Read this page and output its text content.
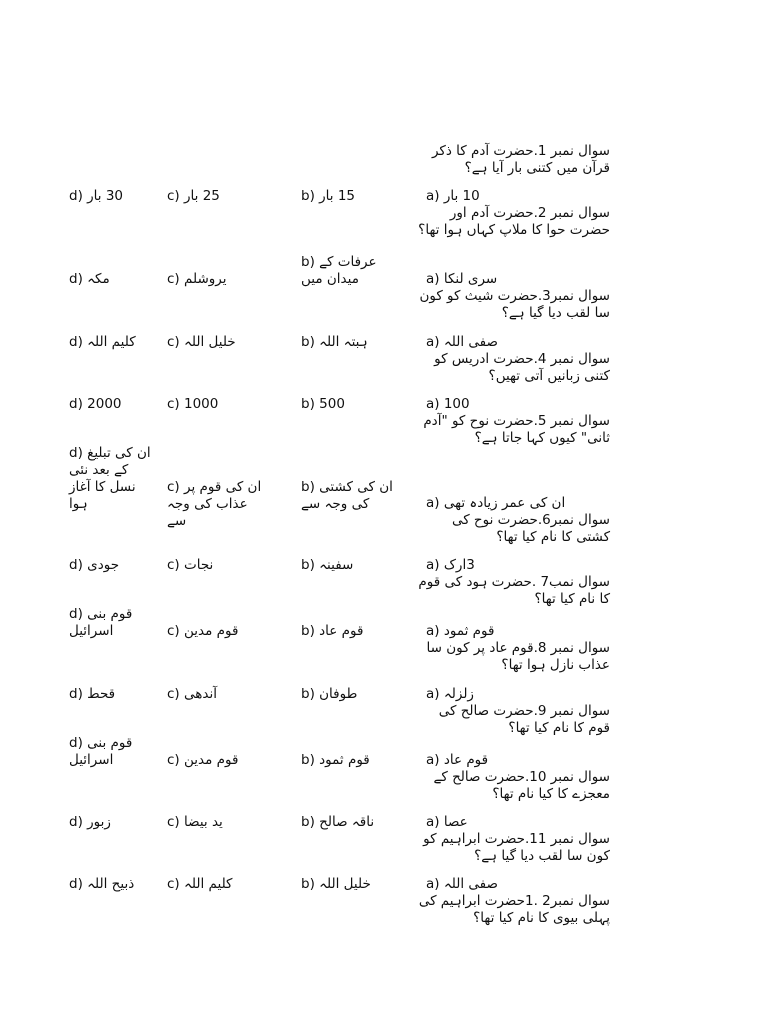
سوال نمبر 1.حضرت آدم کا ذکر قرآن میں کتنی بار آیا ہے؟
a) 10 بار
b) 15 بار
c) 25 بار
d) 30 بار
سوال نمبر 2.حضرت آدم اور حضرت حوا کا ملاپ کہاں ہوا تھا؟
a) سری لنکا
b) عرفات کے میدان میں
c) یروشلم
d) مکہ
سوال نمبر3.حضرت شیث کو کون سا لقب دیا گیا ہے؟
a) صفی اللہ
b) ہبتہ اللہ
c) خلیل اللہ
d) کلیم اللہ
سوال نمبر 4.حضرت ادریس کو کتنی زبانیں آتی تھیں؟
a) 100
b) 500
c) 1000
d) 2000
سوال نمبر 5.حضرت نوح کو "آدم ثانی" کیوں کہا جاتا ہے؟
a) ان کی عمر زیادہ تھی
b) ان کی کشتی کی وجہ سے
c) ان کی قوم پر عذاب کی وجہ سے
d) ان کی تبلیغ کے بعد نئی نسل کا آغاز ہوا
سوال نمبر6.حضرت نوح کی کشتی کا نام کیا تھا؟
a) 3ارک
b) سفینہ
c) نجات
d) جودی
سوال نمب7 .حضرت ہود کی قوم کا نام کیا تھا؟
a) قوم ثمود
b) قوم عاد
c) قوم مدین
d) قوم بنی اسرائیل
سوال نمبر 8.قوم عاد پر کون سا عذاب نازل ہوا تھا؟
a) زلزلہ
b) طوفان
c) آندھی
d) قحط
سوال نمبر 9.حضرت صالح کی قوم کا نام کیا تھا؟
a) قوم عاد
b) قوم ثمود
c) قوم مدین
d) قوم بنی اسرائیل
سوال نمبر 10.حضرت صالح کے معجزے کا کیا نام تھا؟
a) عصا
b) ناقہ صالح
c) ید بیضا
d) زبور
سوال نمبر 11.حضرت ابراہیم کو کون سا لقب دیا گیا ہے؟
a) صفی اللہ
b) خلیل اللہ
c) کلیم اللہ
d) ذبیح اللہ
سوال نمبر2 .1حضرت ابراہیم کی پہلی بیوی کا نام کیا تھا؟
